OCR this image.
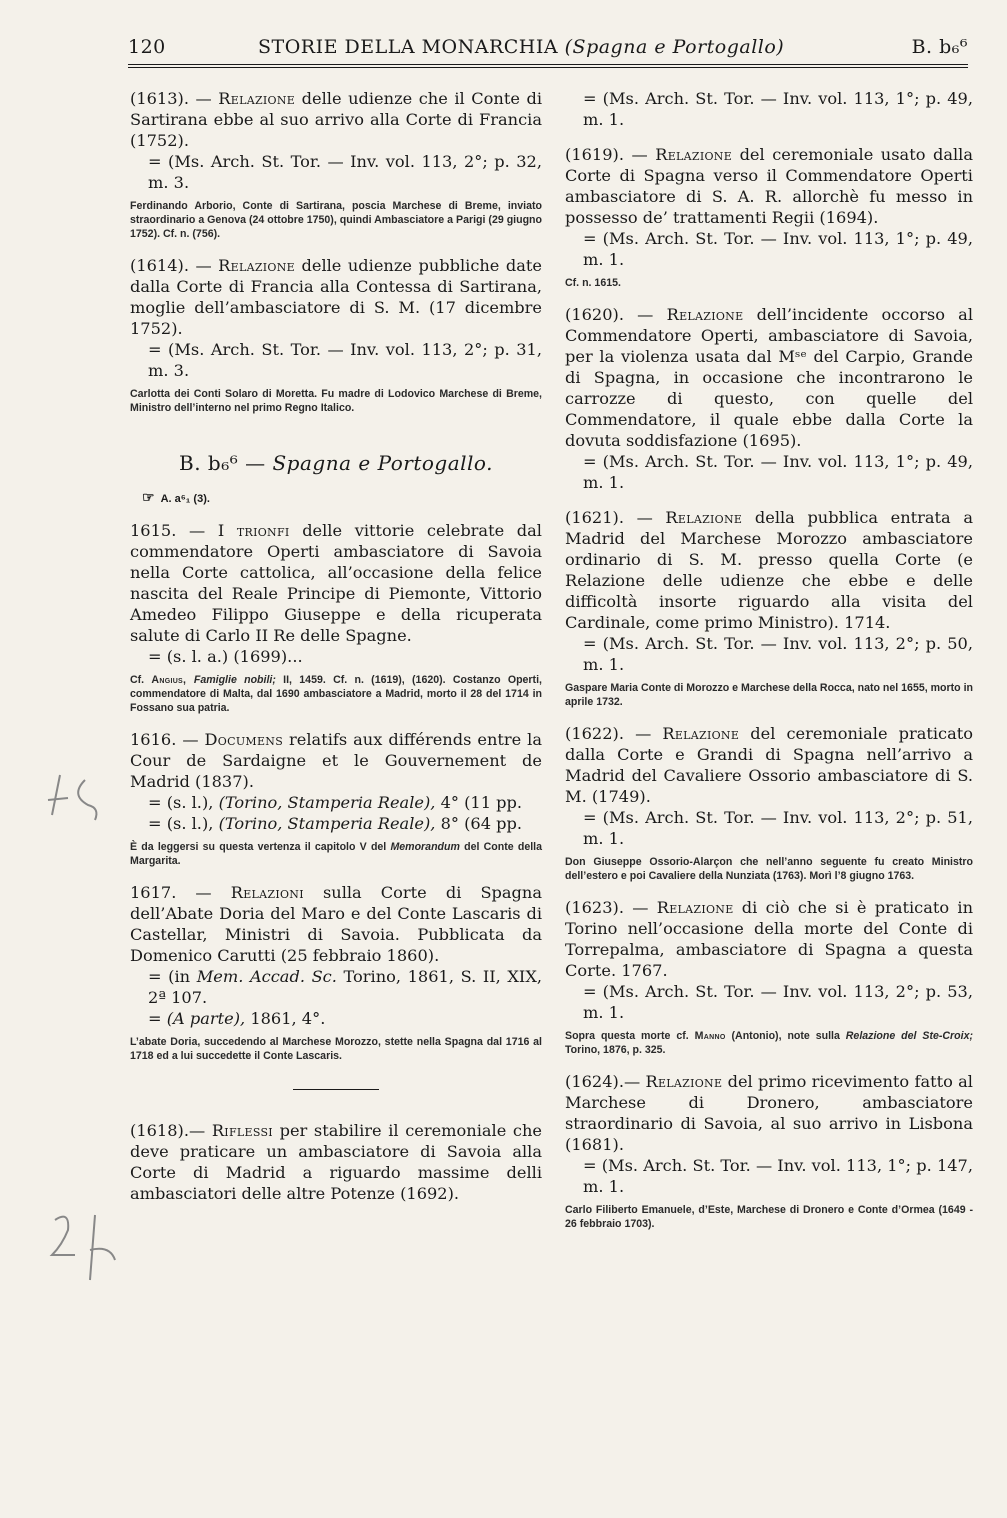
120	STORIE DELLA MONARCHIA (Spagna e Portogallo)	B. b₆⁶
(1613). — Relazione delle udienze che il Conte di Sartirana ebbe al suo arrivo alla Corte di Francia (1752).
= (Ms. Arch. St. Tor. — Inv. vol. 113, 2°; p. 32, m. 3.
Ferdinando Arborio, Conte di Sartirana, poscia Marchese di Breme, inviato straordinario a Genova (24 ottobre 1750), quindi Ambasciatore a Parigi (29 giugno 1752). Cf. n. (756).
(1614). — Relazione delle udienze pubbliche date dalla Corte di Francia alla Contessa di Sartirana, moglie dell’ambasciatore di S. M. (17 dicembre 1752).
= (Ms. Arch. St. Tor. — Inv. vol. 113, 2°; p. 31, m. 3.
Carlotta dei Conti Solaro di Moretta. Fu madre di Lodovico Marchese di Breme, Ministro dell’interno nel primo Regno Italico.
B. b₆⁶ — Spagna e Portogallo.
☞ A. a⁶₁ (3).
1615. — I trionfi delle vittorie celebrate dal commendatore Operti ambasciatore di Savoia nella Corte cattolica, all’occasione della felice nascita del Reale Principe di Piemonte, Vittorio Amedeo Filippo Giuseppe e della ricuperata salute di Carlo II Re delle Spagne.
= (s. l. a.) (1699)...
Cf. Angius, Famiglie nobili; II, 1459. Cf. n. (1619), (1620). Costanzo Operti, commendatore di Malta, dal 1690 ambasciatore a Madrid, morto il 28 del 1714 in Fossano sua patria.
1616. — Documens relatifs aux différends entre la Cour de Sardaigne et le Gouvernement de Madrid (1837).
= (s. l.), (Torino, Stamperia Reale), 4° (11 pp.
= (s. l.), (Torino, Stamperia Reale), 8° (64 pp.
È da leggersi su questa vertenza il capitolo V del Memorandum del Conte della Margarita.
1617. — Relazioni sulla Corte di Spagna dell’Abate Doria del Maro e del Conte Lascaris di Castellar, Ministri di Savoia. Pubblicata da Domenico Carutti (25 febbraio 1860).
= (in Mem. Accad. Sc. Torino, 1861, S. II, XIX, 2ª 107.
= (A parte), 1861, 4°.
L’abate Doria, succedendo al Marchese Morozzo, stette nella Spagna dal 1716 al 1718 ed a lui succedette il Conte Lascaris.
(1618).— Riflessi per stabilire il ceremoniale che deve praticare un ambasciatore di Savoia alla Corte di Madrid a riguardo massime delli ambasciatori delle altre Potenze (1692).
= (Ms. Arch. St. Tor. — Inv. vol. 113, 1°; p. 49, m. 1.
(1619). — Relazione del ceremoniale usato dalla Corte di Spagna verso il Commendatore Operti ambasciatore di S. A. R. allorchè fu messo in possesso de’ trattamenti Regii (1694).
= (Ms. Arch. St. Tor. — Inv. vol. 113, 1°; p. 49, m. 1.
Cf. n. 1615.
(1620). — Relazione dell’incidente occorso al Commendatore Operti, ambasciatore di Savoia, per la violenza usata dal Mˢᵉ del Carpio, Grande di Spagna, in occasione che incontrarono le carrozze di questo, con quelle del Commendatore, il quale ebbe dalla Corte la dovuta soddisfazione (1695).
= (Ms. Arch. St. Tor. — Inv. vol. 113, 1°; p. 49, m. 1.
(1621). — Relazione della pubblica entrata a Madrid del Marchese Morozzo ambasciatore ordinario di S. M. presso quella Corte (e Relazione delle udienze che ebbe e delle difficoltà insorte riguardo alla visita del Cardinale, come primo Ministro). 1714.
= (Ms. Arch. St. Tor. — Inv. vol. 113, 2°; p. 50, m. 1.
Gaspare Maria Conte di Morozzo e Marchese della Rocca, nato nel 1655, morto in aprile 1732.
(1622). — Relazione del ceremoniale praticato dalla Corte e Grandi di Spagna nell’arrivo a Madrid del Cavaliere Ossorio ambasciatore di S. M. (1749).
= (Ms. Arch. St. Tor. — Inv. vol. 113, 2°; p. 51, m. 1.
Don Giuseppe Ossorio-Alarçon che nell’anno seguente fu creato Ministro dell’estero e poi Cavaliere della Nunziata (1763). Morì l’8 giugno 1763.
(1623). — Relazione di ciò che si è praticato in Torino nell’occasione della morte del Conte di Torrepalma, ambasciatore di Spagna a questa Corte. 1767.
= (Ms. Arch. St. Tor. — Inv. vol. 113, 2°; p. 53, m. 1.
Sopra questa morte cf. Manno (Antonio), note sulla Relazione del Ste-Croix; Torino, 1876, p. 325.
(1624).— Relazione del primo ricevimento fatto al Marchese di Dronero, ambasciatore straordinario di Savoia, al suo arrivo in Lisbona (1681).
= (Ms. Arch. St. Tor. — Inv. vol. 113, 1°; p. 147, m. 1.
Carlo Filiberto Emanuele, d’Este, Marchese di Dronero e Conte d’Ormea (1649 - 26 febbraio 1703).
